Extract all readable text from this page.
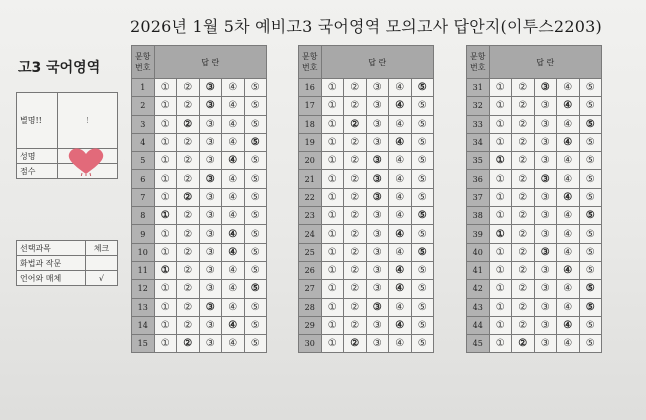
2026년 1월 5차 예비고3 국어영역 모의고사 답안지(이투스2203)
고3 국어영역
별명!!	!
성명	
점수	
선택과목	체크
화법과 작문	
언어와 매체	√
문항 번호	답 란				
1	①	②	③	④	⑤
2	①	②	③	④	⑤
3	①	②	③	④	⑤
4	①	②	③	④	⑤
5	①	②	③	④	⑤
6	①	②	③	④	⑤
7	①	②	③	④	⑤
8	①	②	③	④	⑤
9	①	②	③	④	⑤
10	①	②	③	④	⑤
11	①	②	③	④	⑤
12	①	②	③	④	⑤
13	①	②	③	④	⑤
14	①	②	③	④	⑤
15	①	②	③	④	⑤
문항 번호	답 란				
16	①	②	③	④	⑤
17	①	②	③	④	⑤
18	①	②	③	④	⑤
19	①	②	③	④	⑤
20	①	②	③	④	⑤
21	①	②	③	④	⑤
22	①	②	③	④	⑤
23	①	②	③	④	⑤
24	①	②	③	④	⑤
25	①	②	③	④	⑤
26	①	②	③	④	⑤
27	①	②	③	④	⑤
28	①	②	③	④	⑤
29	①	②	③	④	⑤
30	①	②	③	④	⑤
문항 번호	답 란				
31	①	②	③	④	⑤
32	①	②	③	④	⑤
33	①	②	③	④	⑤
34	①	②	③	④	⑤
35	①	②	③	④	⑤
36	①	②	③	④	⑤
37	①	②	③	④	⑤
38	①	②	③	④	⑤
39	①	②	③	④	⑤
40	①	②	③	④	⑤
41	①	②	③	④	⑤
42	①	②	③	④	⑤
43	①	②	③	④	⑤
44	①	②	③	④	⑤
45	①	②	③	④	⑤
